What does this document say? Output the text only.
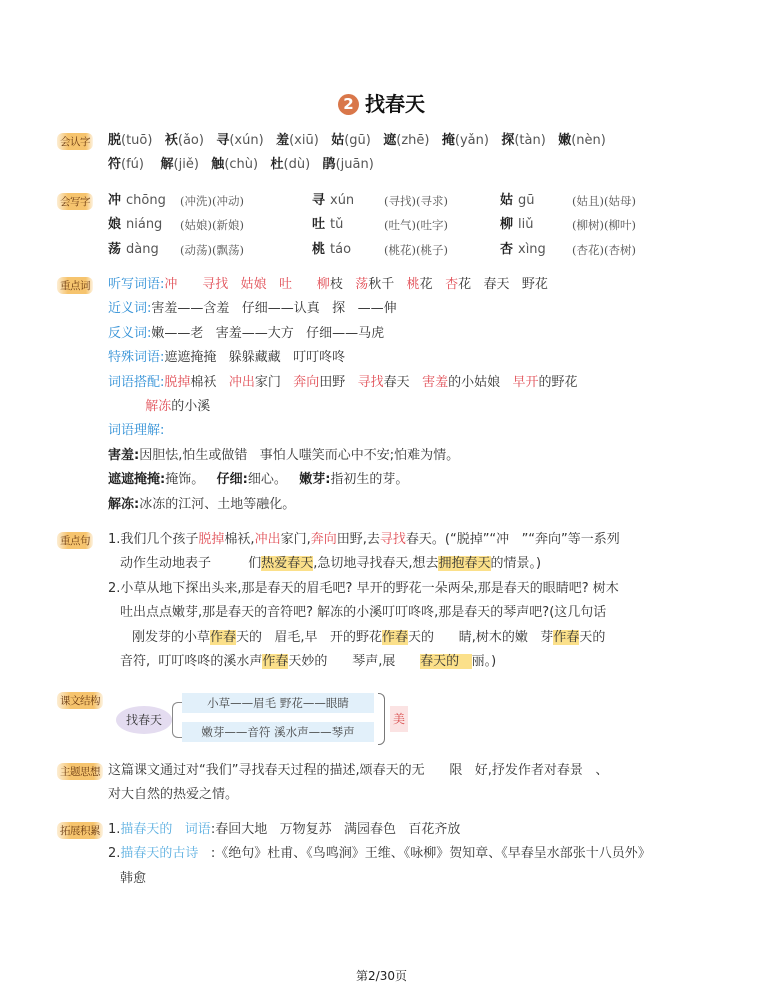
2 找春天
会认字 脱(tuō)   袄(ǎo)   寻(xún)   羞(xiū)   姑(gū)   遮(zhē)   掩(yǎn)   探(tàn)   嫩(nèn)
符(fú)    解(jiě)   触(chù)   杜(dù)   鹃(juān)
会写字 冲 chōng	(冲洗)(冲动)	寻 xún	(寻找)(寻求)	姑 gū	(姑且)(姑母)
娘 niáng	(姑娘)(新娘)	吐 tǔ	(吐气)(吐字)	柳 liǔ	(柳树)(柳叶)
荡 dàng	(动荡)(飘荡)	桃 táo	(桃花)(桃子)	杏 xìng	(杏花)(杏树)
重点词 听写词语:冲      寻找   姑娘   吐      柳枝   荡秋千   桃花   杏花   春天   野花
近义词:害羞——含羞   仔细——认真   探   ——伸
反义词:嫩——老   害羞——大方   仔细——马虎
特殊词语:遮遮掩掩   躲躲藏藏   叮叮咚咚
词语搭配:脱掉棉袄   冲出家门   奔向田野   寻找春天   害羞的小姑娘   早开的野花
解冻的小溪
词语理解:
害羞:因胆怯,怕生或做错   事怕人嗤笑而心中不安;怕难为情。
遮遮掩掩:掩饰。   仔细:细心。   嫩芽:指初生的芽。
解冻:冰冻的江河、土地等融化。
重点句 1.我们几个孩子脱掉棉袄,冲出家门,奔向田野,去寻找春天。(“脱掉”“冲   ”“奔向”等一系列
动作生动地表子         们热爱春天,急切地寻找春天,想去拥抱春天的情景。)
2.小草从地下探出头来,那是春天的眉毛吧? 早开的野花一朵两朵,那是春天的眼睛吧? 树木
吐出点点嫩芽,那是春天的音符吧? 解冻的小溪叮叮咚咚,那是春天的琴声吧?(这几句话
刚发芽的小草作春天的   眉毛,早   开的野花作春天的      睛,树木的嫩   芽作春天的
音符,  叮叮咚咚的溪水声作春天妙的      琴声,展      春天的   丽。)
课文结构
找春天
小草——眉毛 野花——眼睛
嫩芽——音符 溪水声——琴声
美
主题思想 这篇课文通过对“我们”寻找春天过程的描述,颂春天的无      限   好,抒发作者对春景   、
对大自然的热爱之情。
拓展积累 1.描春天的   词语:春回大地   万物复苏   满园春色   百花齐放
2.描春天的古诗   :《绝句》杜甫、《鸟鸣涧》王维、《咏柳》贺知章、《早春呈水部张十八员外》
韩愈
第2/30页
